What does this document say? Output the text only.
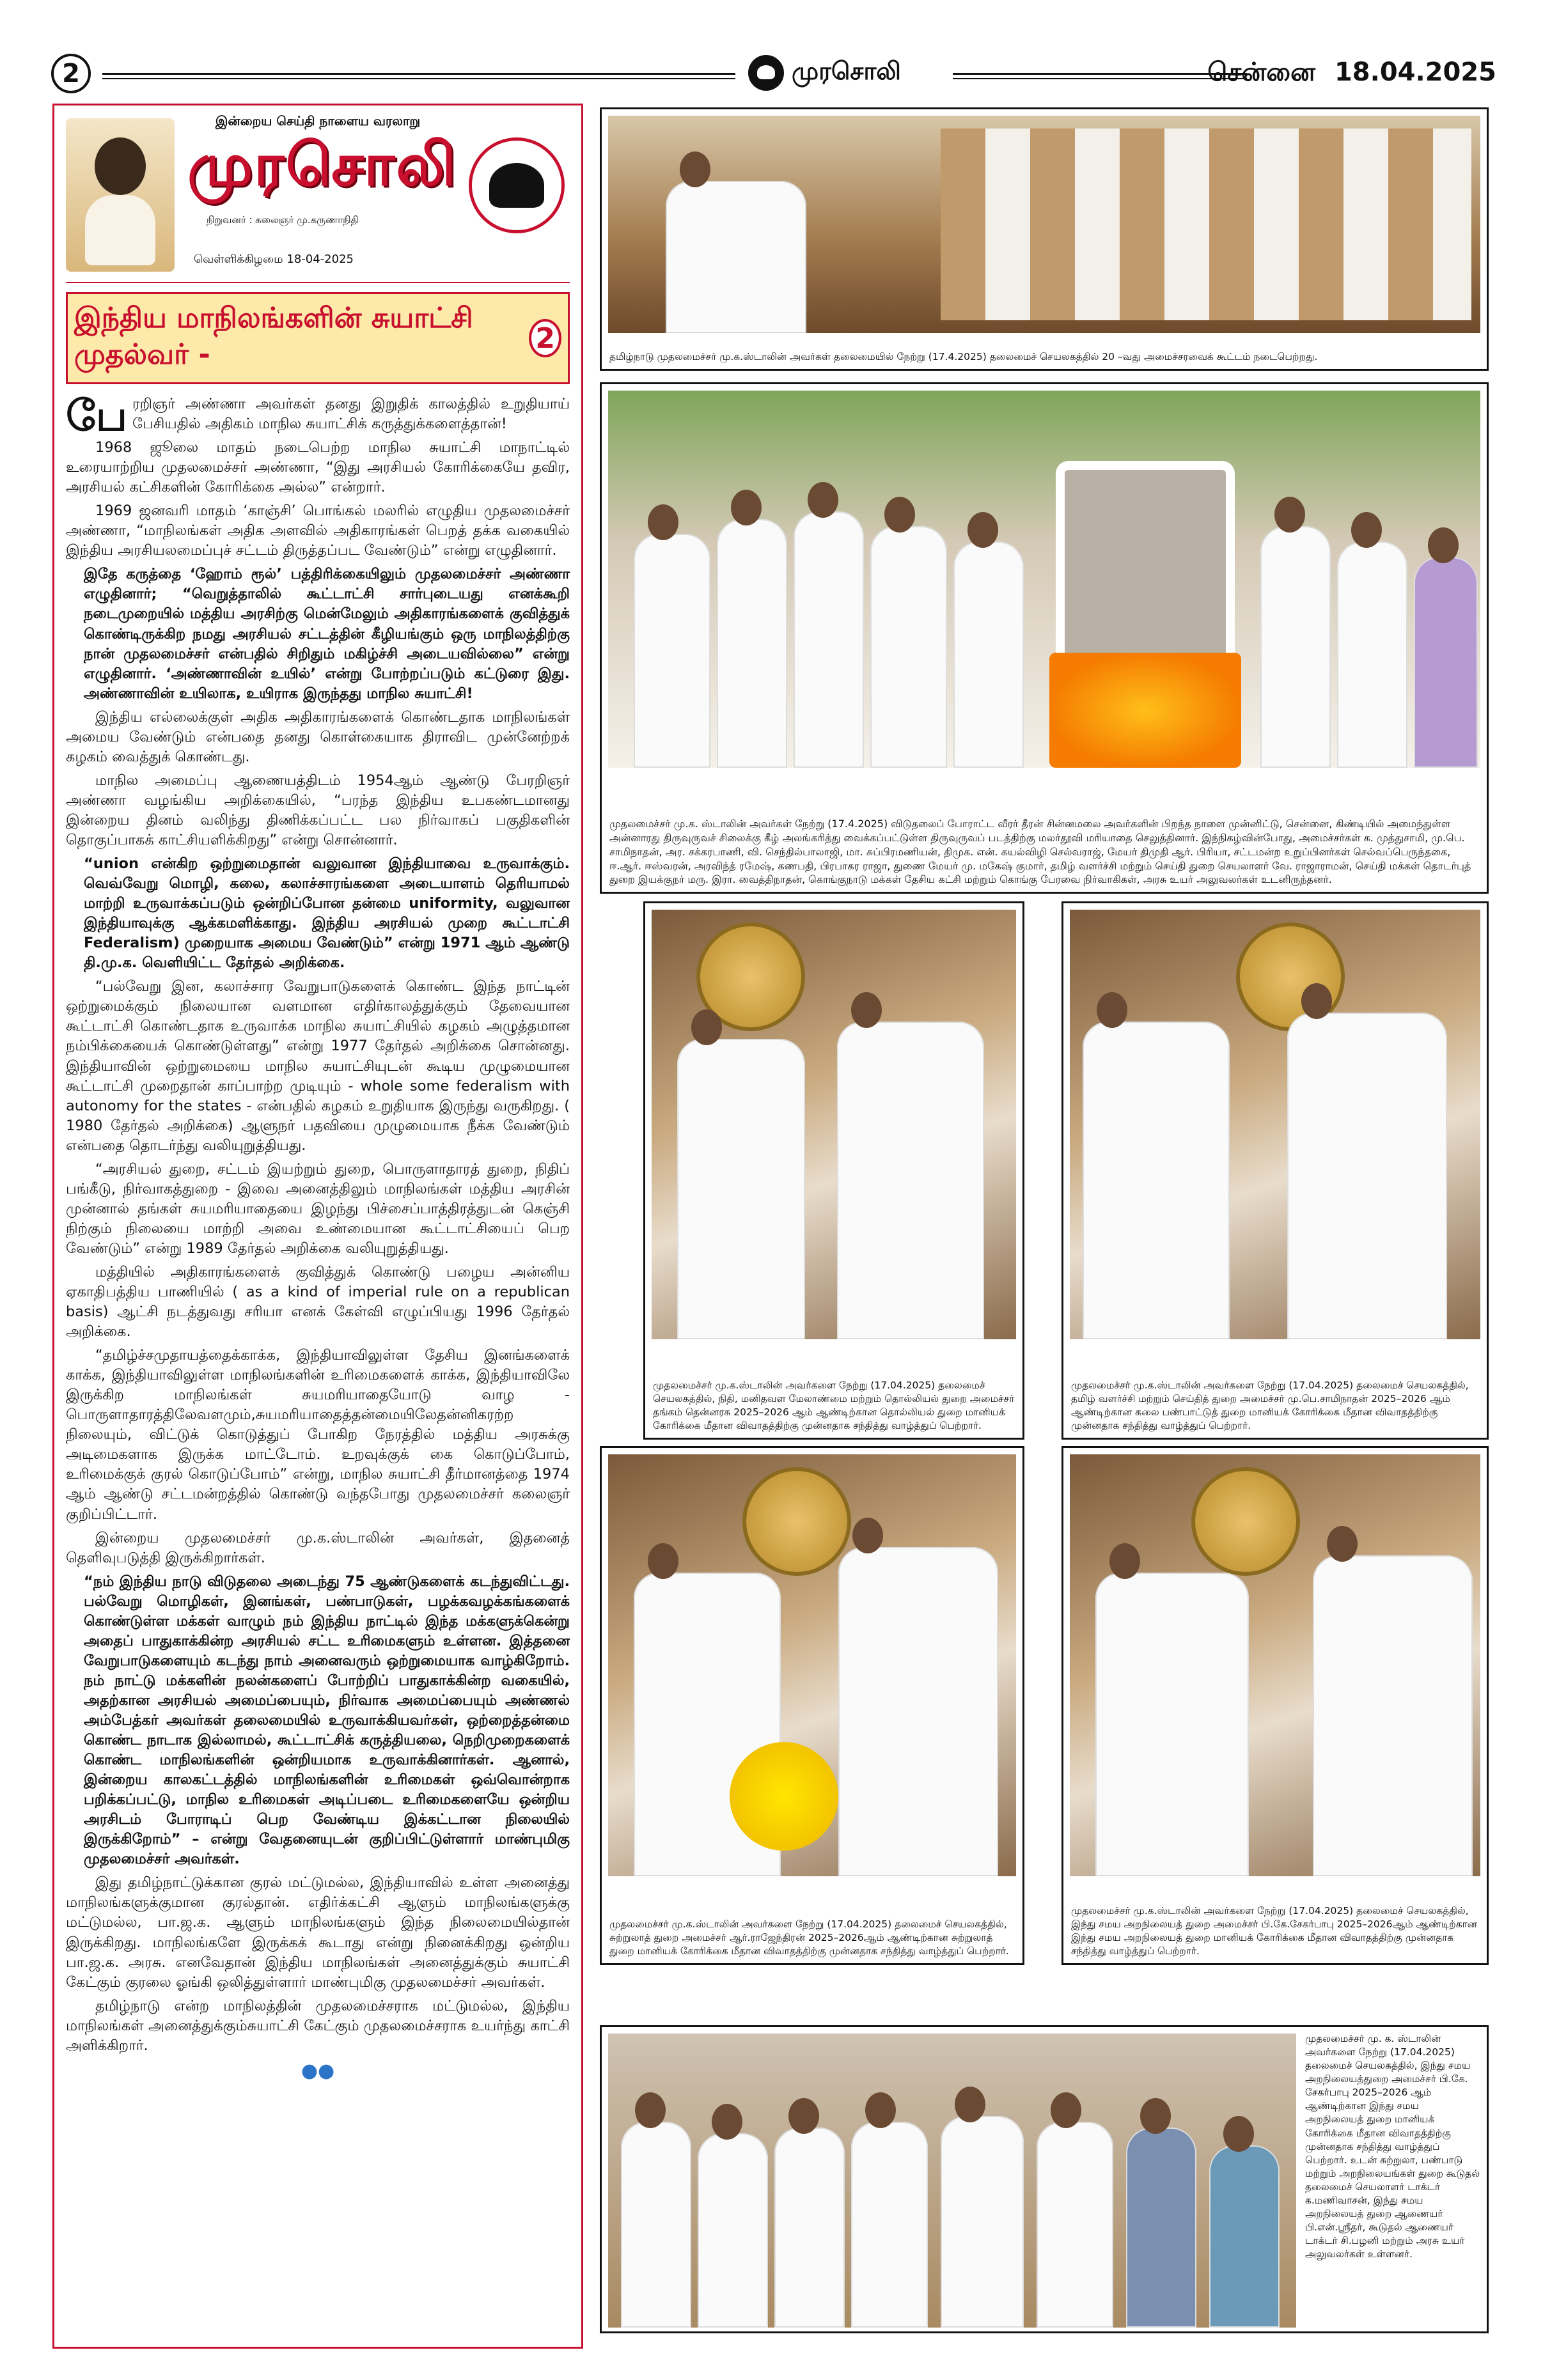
2	முரசொலி	சென்னை 18.04.2025
இன்றைய செய்தி நாளைய வரலாறு
முரசொலி
நிறுவனர் : கலைஞர் மு.கருணாநிதி
வெள்ளிக்கிழமை 18-04-2025
இந்திய மாநிலங்களின் சுயாட்சி முதல்வர் -	2

பேரறிஞர் அண்ணா அவர்கள் தனது இறுதிக் காலத்தில் உறுதியாய் பேசியதில் அதிகம் மாநில சுயாட்சிக் கருத்துக்களைத்தான்!

1968 ஜூலை மாதம் நடைபெற்ற மாநில சுயாட்சி மாநாட்டில் உரையாற்றிய முதலமைச்சர் அண்ணா, “இது அரசியல் கோரிக்கையே தவிர, அரசியல் கட்சிகளின் கோரிக்கை அல்ல” என்றார்.

1969 ஜனவரி மாதம் ‘காஞ்சி’ பொங்கல் மலரில் எழுதிய முதலமைச்சர் அண்ணா, “மாநிலங்கள் அதிக அளவில் அதிகாரங்கள் பெறத் தக்க வகையில் இந்திய அரசியலமைப்புச் சட்டம் திருத்தப்பட வேண்டும்” என்று எழுதினார்.

இதே கருத்தை ‘ஹோம் ரூல்’ பத்திரிக்கையிலும் முதலமைச்சர் அண்ணா எழுதினார்; “வெறுத்தாலில் கூட்டாட்சி சார்புடையது எனக்கூறி நடைமுறையில் மத்திய அரசிற்கு மென்மேலும் அதிகாரங்களைக் குவித்துக் கொண்டிருக்கிற நமது அரசியல் சட்டத்தின் கீழியங்கும் ஒரு மாநிலத்திற்கு நான் முதலமைச்சர் என்பதில் சிறிதும் மகிழ்ச்சி அடையவில்லை” என்று எழுதினார். ‘அண்ணாவின் உயில்’ என்று போற்றப்படும் கட்டுரை இது. அண்ணாவின் உயிலாக, உயிராக இருந்தது மாநில சுயாட்சி!

இந்திய எல்லைக்குள் அதிக அதிகாரங்களைக் கொண்டதாக மாநிலங்கள் அமைய வேண்டும் என்பதை தனது கொள்கையாக திராவிட முன்னேற்றக் கழகம் வைத்துக் கொண்டது.

மாநில அமைப்பு ஆணையத்திடம் 1954ஆம் ஆண்டு பேரறிஞர் அண்ணா வழங்கிய அறிக்கையில், “பரந்த இந்திய உபகண்டமானது இன்றைய தினம் வலிந்து திணிக்கப்பட்ட பல நிர்வாகப் பகுதிகளின் தொகுப்பாகக் காட்சியளிக்கிறது” என்று சொன்னார்.

“union என்கிற ஒற்றுமைதான் வலுவான இந்தியாவை உருவாக்கும். வெவ்வேறு மொழி, கலை, கலாச்சாரங்களை அடையாளம் தெரியாமல் மாற்றி உருவாக்கப்படும் ஒன்றிப்போன தன்மை uniformity, வலுவான இந்தியாவுக்கு ஆக்கமளிக்காது. இந்திய அரசியல் முறை கூட்டாட்சி Federalism) முறையாக அமைய வேண்டும்” என்று 1971 ஆம் ஆண்டு தி.மு.க. வெளியிட்ட தேர்தல் அறிக்கை.

“பல்வேறு இன, கலாச்சார வேறுபாடுகளைக் கொண்ட இந்த நாட்டின் ஒற்றுமைக்கும் நிலையான வளமான எதிர்காலத்துக்கும் தேவையான கூட்டாட்சி கொண்டதாக உருவாக்க மாநில சுயாட்சியில் கழகம் அழுத்தமான நம்பிக்கையைக் கொண்டுள்ளது” என்று 1977 தேர்தல் அறிக்கை சொன்னது. இந்தியாவின் ஒற்றுமையை மாநில சுயாட்சியுடன் கூடிய முழுமையான கூட்டாட்சி முறைதான் காப்பாற்ற முடியும் - whole some federalism with autonomy for the states - என்பதில் கழகம் உறுதியாக இருந்து வருகிறது. ( 1980 தேர்தல் அறிக்கை) ஆளுநர் பதவியை முழுமையாக நீக்க வேண்டும் என்பதை தொடர்ந்து வலியுறுத்தியது.

“அரசியல் துறை, சட்டம் இயற்றும் துறை, பொருளாதாரத் துறை, நிதிப் பங்கீடு, நிர்வாகத்துறை - இவை அனைத்திலும் மாநிலங்கள் மத்திய அரசின் முன்னால் தங்கள் சுயமரியாதையை இழந்து பிச்சைப்பாத்திரத்துடன் கெஞ்சி நிற்கும் நிலையை மாற்றி அவை உண்மையான கூட்டாட்சியைப் பெற வேண்டும்” என்று 1989 தேர்தல் அறிக்கை வலியுறுத்தியது.

மத்தியில் அதிகாரங்களைக் குவித்துக் கொண்டு பழைய அன்னிய ஏகாதிபத்திய பாணியில் ( as a kind of imperial rule on a republican basis) ஆட்சி நடத்துவது சரியா எனக் கேள்வி எழுப்பியது 1996 தேர்தல் அறிக்கை.

“தமிழ்ச்சமுதாயத்தைக்காக்க, இந்தியாவிலுள்ள தேசிய இனங்களைக் காக்க, இந்தியாவிலுள்ள மாநிலங்களின் உரிமைகளைக் காக்க, இந்தியாவிலே இருக்கிற மாநிலங்கள் சுயமரியாதையோடு வாழ - பொருளாதாரத்திலேவளமும்,சுயமரியாதைத்தன்மையிலேதன்னிகரற்ற நிலையும், விட்டுக் கொடுத்துப் போகிற நேரத்தில் மத்திய அரசுக்கு அடிமைகளாக இருக்க மாட்டோம். உறவுக்குக் கை கொடுப்போம், உரிமைக்குக் குரல் கொடுப்போம்” என்று, மாநில சுயாட்சி தீர்மானத்தை 1974 ஆம் ஆண்டு சட்டமன்றத்தில் கொண்டு வந்தபோது முதலமைச்சர் கலைஞர் குறிப்பிட்டார்.

இன்றைய முதலமைச்சர் மு.க.ஸ்டாலின் அவர்கள், இதனைத் தெளிவுபடுத்தி இருக்கிறார்கள்.

“நம் இந்திய நாடு விடுதலை அடைந்து 75 ஆண்டுகளைக் கடந்துவிட்டது. பல்வேறு மொழிகள், இனங்கள், பண்பாடுகள், பழக்கவழக்கங்களைக் கொண்டுள்ள மக்கள் வாழும் நம் இந்திய நாட்டில் இந்த மக்களுக்கென்று அதைப் பாதுகாக்கின்ற அரசியல் சட்ட உரிமைகளும் உள்ளன. இத்தனை வேறுபாடுகளையும் கடந்து நாம் அனைவரும் ஒற்றுமையாக வாழ்கிறோம். நம் நாட்டு மக்களின் நலன்களைப் போற்றிப் பாதுகாக்கின்ற வகையில், அதற்கான அரசியல் அமைப்பையும், நிர்வாக அமைப்பையும் அண்ணல் அம்பேத்கர் அவர்கள் தலைமையில் உருவாக்கியவர்கள், ஒற்றைத்தன்மை கொண்ட நாடாக இல்லாமல், கூட்டாட்சிக் கருத்தியலை, நெறிமுறைகளைக் கொண்ட மாநிலங்களின் ஒன்றியமாக உருவாக்கினார்கள். ஆனால், இன்றைய காலகட்டத்தில் மாநிலங்களின் உரிமைகள் ஒவ்வொன்றாக பறிக்கப்பட்டு, மாநில உரிமைகள் அடிப்படை உரிமைகளையே ஒன்றிய அரசிடம் போராடிப் பெற வேண்டிய இக்கட்டான நிலையில் இருக்கிறோம்” – என்று வேதனையுடன் குறிப்பிட்டுள்ளார் மாண்புமிகு முதலமைச்சர் அவர்கள்.

இது தமிழ்நாட்டுக்கான குரல் மட்டுமல்ல, இந்தியாவில் உள்ள அனைத்து மாநிலங்களுக்குமான குரல்தான். எதிர்க்கட்சி ஆளும் மாநிலங்களுக்கு மட்டுமல்ல, பா.ஜ.க. ஆளும் மாநிலங்களும் இந்த நிலைமையில்தான் இருக்கிறது. மாநிலங்களே இருக்கக் கூடாது என்று நினைக்கிறது ஒன்றிய பா.ஜ.க. அரசு. எனவேதான் இந்திய மாநிலங்கள் அனைத்துக்கும் சுயாட்சி கேட்கும் குரலை ஓங்கி ஒலித்துள்ளார் மாண்புமிகு முதலமைச்சர் அவர்கள்.

தமிழ்நாடு என்ற மாநிலத்தின் முதலமைச்சராக மட்டுமல்ல, இந்திய மாநிலங்கள் அனைத்துக்கும்சுயாட்சி கேட்கும் முதலமைச்சராக உயர்ந்து காட்சி அளிக்கிறார்.

●●
தமிழ்நாடு முதலமைச்சர் மு.க.ஸ்டாலின் அவர்கள் தலைமையில் நேற்று (17.4.2025) தலைமைச் செயலகத்தில் 20 –வது அமைச்சரவைக் கூட்டம் நடைபெற்றது.
முதலமைச்சர் மு.க. ஸ்டாலின் அவர்கள் நேற்று (17.4.2025) விடுதலைப் போராட்ட வீரர் தீரன் சின்னமலை அவர்களின் பிறந்த நாளை முன்னிட்டு, சென்னை, கிண்டியில் அமைந்துள்ள அன்னாரது திருவுருவச் சிலைக்கு கீழ் அலங்கரித்து வைக்கப்பட்டுள்ள திருவுருவப் படத்திற்கு மலர்தூவி மரியாதை செலுத்தினார். இந்நிகழ்வின்போது, அமைச்சர்கள் க. முத்துசாமி, மு.பெ. சாமிநாதன், அர. சக்கரபாணி, வி. செந்தில்பாலாஜி, மா. சுப்பிரமணியன், திமுக. என். கயல்விழி செல்வராஜ், மேயர் திமுதி ஆர். பிரியா, சட்டமன்ற உறுப்பினர்கள் செல்வப்பெருந்தகை, ஈ.ஆர். ஈஸ்வரன், அரவிந்த் ரமேஷ், கணபதி, பிரபாகர ராஜா, துணை மேயர் மு. மகேஷ் குமார், தமிழ் வளர்ச்சி மற்றும் செய்தி துறை செயலாளர் வே. ராஜாராமன், செய்தி மக்கள் தொடர்புத் துறை இயக்குநர் மரு. இரா. வைத்திநாதன், கொங்குநாடு மக்கள் தேசிய கட்சி மற்றும் கொங்கு பேரவை நிர்வாகிகள், அரசு உயர் அலுவலர்கள் உடனிருந்தனர்.
முதலமைச்சர் மு.க.ஸ்டாலின் அவர்களை நேற்று (17.04.2025) தலைமைச் செயலகத்தில், நிதி, மனிதவள மேலாண்மை மற்றும் தொல்லியல் துறை அமைச்சர் தங்கம் தென்னரசு 2025–2026 ஆம் ஆண்டிற்கான தொல்லியல் துறை மானியக் கோரிக்கை மீதான விவாதத்திற்கு முன்னதாக சந்தித்து வாழ்த்துப் பெற்றார்.
முதலமைச்சர் மு.க.ஸ்டாலின் அவர்களை நேற்று (17.04.2025) தலைமைச் செயலகத்தில், தமிழ் வளர்ச்சி மற்றும் செய்தித் துறை அமைச்சர் மு.பெ.சாமிநாதன் 2025–2026 ஆம் ஆண்டிற்கான கலை பண்பாட்டுத் துறை மானியக் கோரிக்கை மீதான விவாதத்திற்கு முன்னதாக சந்தித்து வாழ்த்துப் பெற்றார்.
முதலமைச்சர் மு.க.ஸ்டாலின் அவர்களை நேற்று (17.04.2025) தலைமைச் செயலகத்தில், சுற்றுலாத் துறை அமைச்சர் ஆர்.ராஜேந்திரன் 2025–2026ஆம் ஆண்டிற்கான சுற்றுலாத் துறை மானியக் கோரிக்கை மீதான விவாதத்திற்கு முன்னதாக சந்தித்து வாழ்த்துப் பெற்றார்.
முதலமைச்சர் மு.க.ஸ்டாலின் அவர்களை நேற்று (17.04.2025) தலைமைச் செயலகத்தில், இந்து சமய அறநிலையத் துறை அமைச்சர் பி.கே.சேகர்பாபு 2025–2026ஆம் ஆண்டிற்கான இந்து சமய அறநிலையத் துறை மானியக் கோரிக்கை மீதான விவாதத்திற்கு முன்னதாக சந்தித்து வாழ்த்துப் பெற்றார்.
முதலமைச்சர் மு. க. ஸ்டாலின் அவர்களை நேற்று (17.04.2025) தலைமைச் செயலகத்தில், இந்து சமய அறநிலையத்துறை அமைச்சர் பி.கே. சேகர்பாபு 2025–2026 ஆம் ஆண்டிற்கான இந்து சமய அறநிலையத் துறை மானியக் கோரிக்கை மீதான விவாதத்திற்கு முன்னதாக சந்தித்து வாழ்த்துப் பெற்றார். உடன் சுற்றுலா, பண்பாடு மற்றும் அறநிலையங்கள் துறை கூடுதல் தலைமைச் செயலாளர் டாக்டர் க.மணிவாசன், இந்து சமய அறநிலையத் துறை ஆணையர் பி.என்.ஸ்ரீதர், கூடுதல் ஆணையர் டாக்டர் சி.பழனி மற்றும் அரசு உயர் அலுவலர்கள் உள்ளனர்.
